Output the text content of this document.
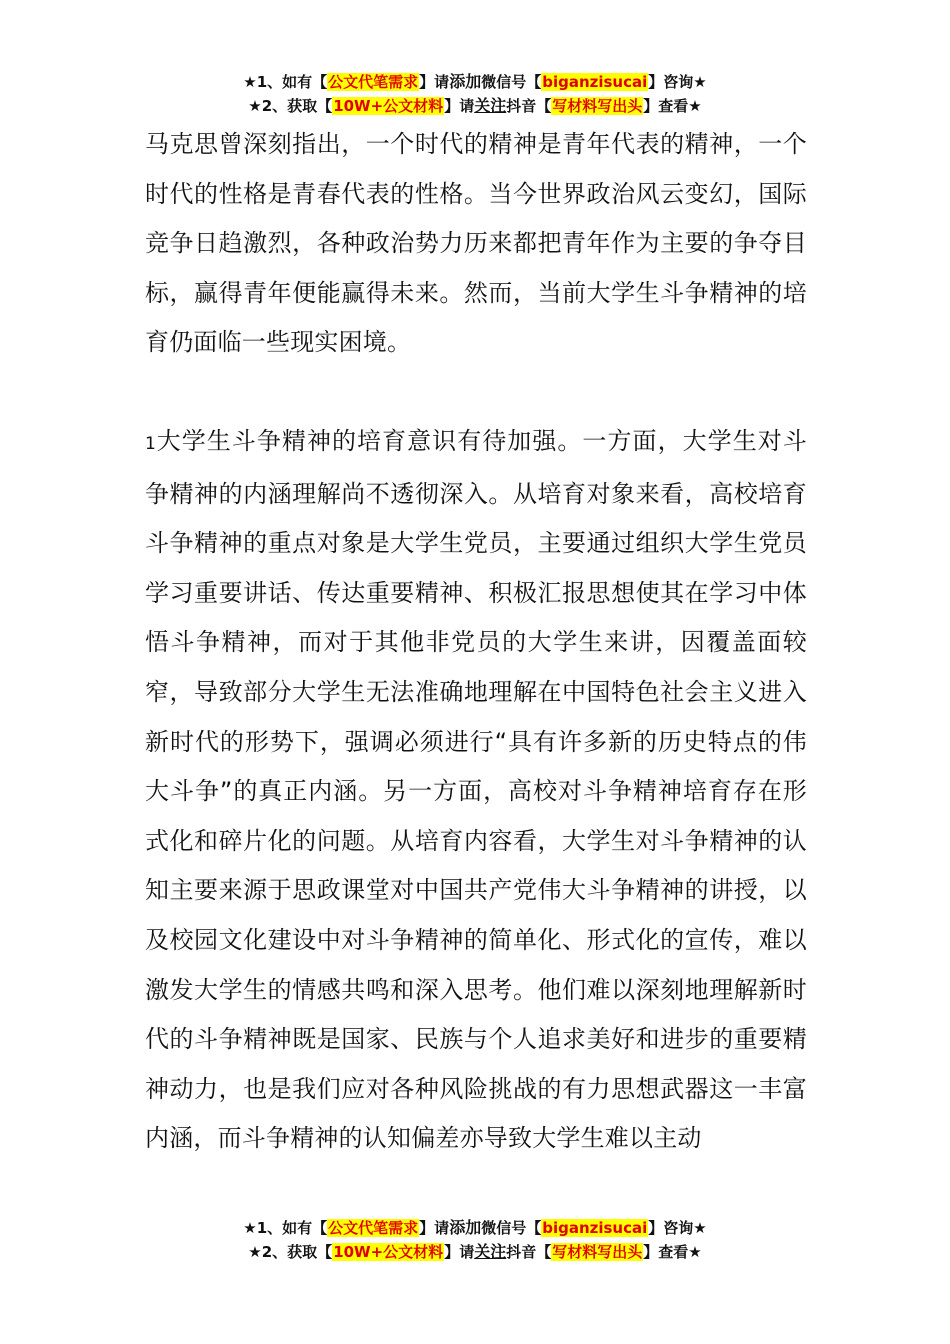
★1、如有【公文代笔需求】请添加微信号【biganzisucai】咨询★
★2、获取【10W+公文材料】请关注抖音【写材料写出头】查看★

马克思曾深刻指出，一个时代的精神是青年代表的精神，一个时代的性格是青春代表的性格。当今世界政治风云变幻，国际竞争日趋激烈，各种政治势力历来都把青年作为主要的争夺目标，赢得青年便能赢得未来。然而，当前大学生斗争精神的培育仍面临一些现实困境。

1大学生斗争精神的培育意识有待加强。一方面，大学生对斗争精神的内涵理解尚不透彻深入。从培育对象来看，高校培育斗争精神的重点对象是大学生党员，主要通过组织大学生党员学习重要讲话、传达重要精神、积极汇报思想使其在学习中体悟斗争精神，而对于其他非党员的大学生来讲，因覆盖面较窄，导致部分大学生无法准确地理解在中国特色社会主义进入新时代的形势下，强调必须进行“具有许多新的历史特点的伟大斗争”的真正内涵。另一方面，高校对斗争精神培育存在形式化和碎片化的问题。从培育内容看，大学生对斗争精神的认知主要来源于思政课堂对中国共产党伟大斗争精神的讲授，以及校园文化建设中对斗争精神的简单化、形式化的宣传，难以激发大学生的情感共鸣和深入思考。他们难以深刻地理解新时代的斗争精神既是国家、民族与个人追求美好和进步的重要精神动力，也是我们应对各种风险挑战的有力思想武器这一丰富内涵，而斗争精神的认知偏差亦导致大学生难以主动

★1、如有【公文代笔需求】请添加微信号【biganzisucai】咨询★
★2、获取【10W+公文材料】请关注抖音【写材料写出头】查看★
